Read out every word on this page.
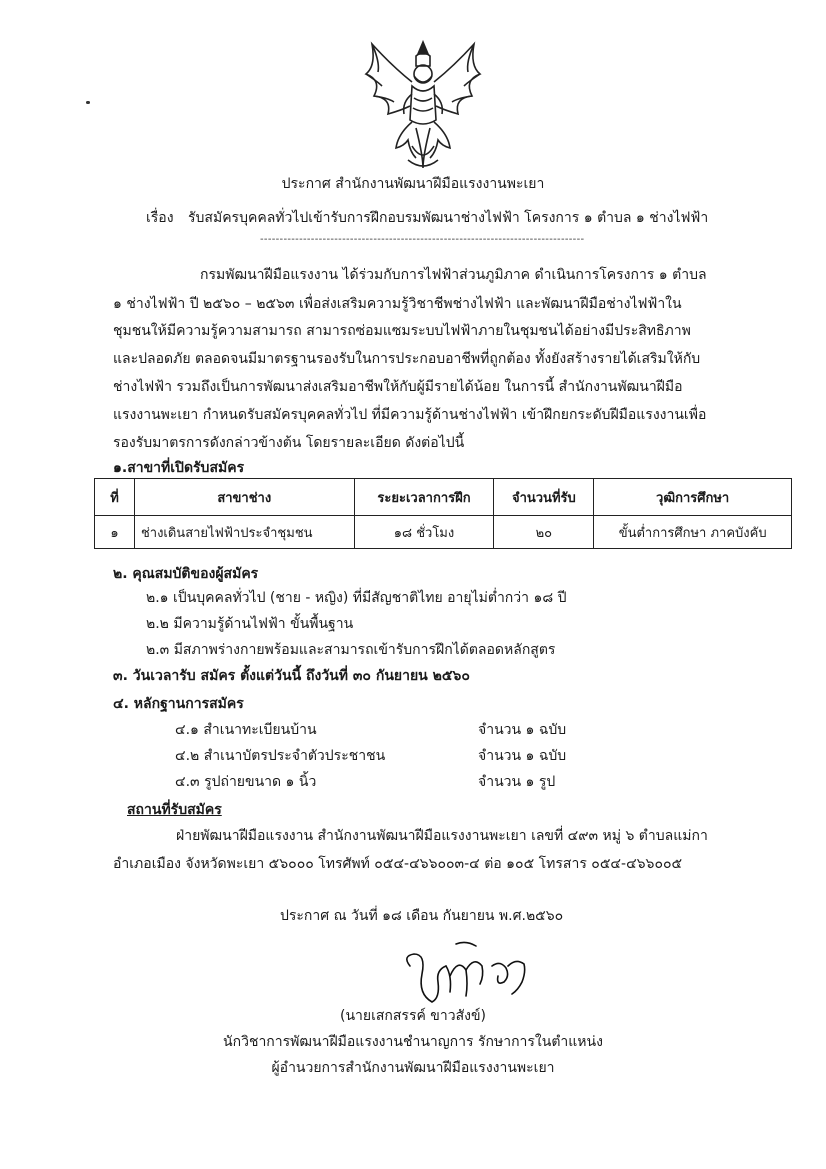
ประกาศ สำนักงานพัฒนาฝีมือแรงงานพะเยา
เรื่อง รับสมัครบุคคลทั่วไปเข้ารับการฝึกอบรมพัฒนาช่างไฟฟ้า โครงการ ๑ ตำบล ๑ ช่างไฟฟ้า
-----------------------------------------------------------------------------------
กรมพัฒนาฝีมือแรงงาน ได้ร่วมกับการไฟฟ้าส่วนภูมิภาค ดำเนินการโครงการ ๑ ตำบล
๑ ช่างไฟฟ้า ปี ๒๕๖๐ – ๒๕๖๓ เพื่อส่งเสริมความรู้วิชาชีพช่างไฟฟ้า และพัฒนาฝีมือช่างไฟฟ้าใน
ชุมชนให้มีความรู้ความสามารถ สามารถซ่อมแซมระบบไฟฟ้าภายในชุมชนได้อย่างมีประสิทธิภาพ
และปลอดภัย ตลอดจนมีมาตรฐานรองรับในการประกอบอาชีพที่ถูกต้อง ทั้งยังสร้างรายได้เสริมให้กับ
ช่างไฟฟ้า รวมถึงเป็นการพัฒนาส่งเสริมอาชีพให้กับผู้มีรายได้น้อย ในการนี้ สำนักงานพัฒนาฝีมือ
แรงงานพะเยา กำหนดรับสมัครบุคคลทั่วไป ที่มีความรู้ด้านช่างไฟฟ้า เข้าฝึกยกระดับฝีมือแรงงานเพื่อ
รองรับมาตรการดังกล่าวข้างต้น โดยรายละเอียด ดังต่อไปนี้
๑.สาขาที่เปิดรับสมัคร
ที่	สาขาช่าง	ระยะเวลาการฝึก	จำนวนที่รับ	วุฒิการศึกษา
๑	ช่างเดินสายไฟฟ้าประจำชุมชน	๑๘ ชั่วโมง	๒๐	ขั้นต่ำการศึกษา ภาคบังคับ
๒. คุณสมบัติของผู้สมัคร
๒.๑ เป็นบุคคลทั่วไป (ชาย - หญิง) ที่มีสัญชาติไทย อายุไม่ต่ำกว่า ๑๘ ปี
๒.๒ มีความรู้ด้านไฟฟ้า ขั้นพื้นฐาน
๒.๓ มีสภาพร่างกายพร้อมและสามารถเข้ารับการฝึกได้ตลอดหลักสูตร
๓. วันเวลารับ สมัคร ตั้งแต่วันนี้ ถึงวันที่ ๓๐ กันยายน ๒๕๖๐
๔. หลักฐานการสมัคร
๔.๑ สำเนาทะเบียนบ้าน	จำนวน ๑ ฉบับ
๔.๒ สำเนาบัตรประจำตัวประชาชน	จำนวน ๑ ฉบับ
๔.๓ รูปถ่ายขนาด ๑ นิ้ว	จำนวน ๑ รูป
สถานที่รับสมัคร
ฝ่ายพัฒนาฝีมือแรงงาน สำนักงานพัฒนาฝีมือแรงงานพะเยา เลขที่ ๔๙๓ หมู่ ๖ ตำบลแม่กา
อำเภอเมือง จังหวัดพะเยา ๕๖๐๐๐ โทรศัพท์ ๐๕๔-๔๖๖๐๐๓-๔ ต่อ ๑๐๕ โทรสาร ๐๕๔-๔๖๖๐๐๕
ประกาศ ณ วันที่ ๑๘ เดือน กันยายน พ.ศ.๒๕๖๐
(นายเสกสรรค์ ขาวสังข์)
นักวิชาการพัฒนาฝีมือแรงงานชำนาญการ รักษาการในตำแหน่ง
ผู้อำนวยการสำนักงานพัฒนาฝีมือแรงงานพะเยา
